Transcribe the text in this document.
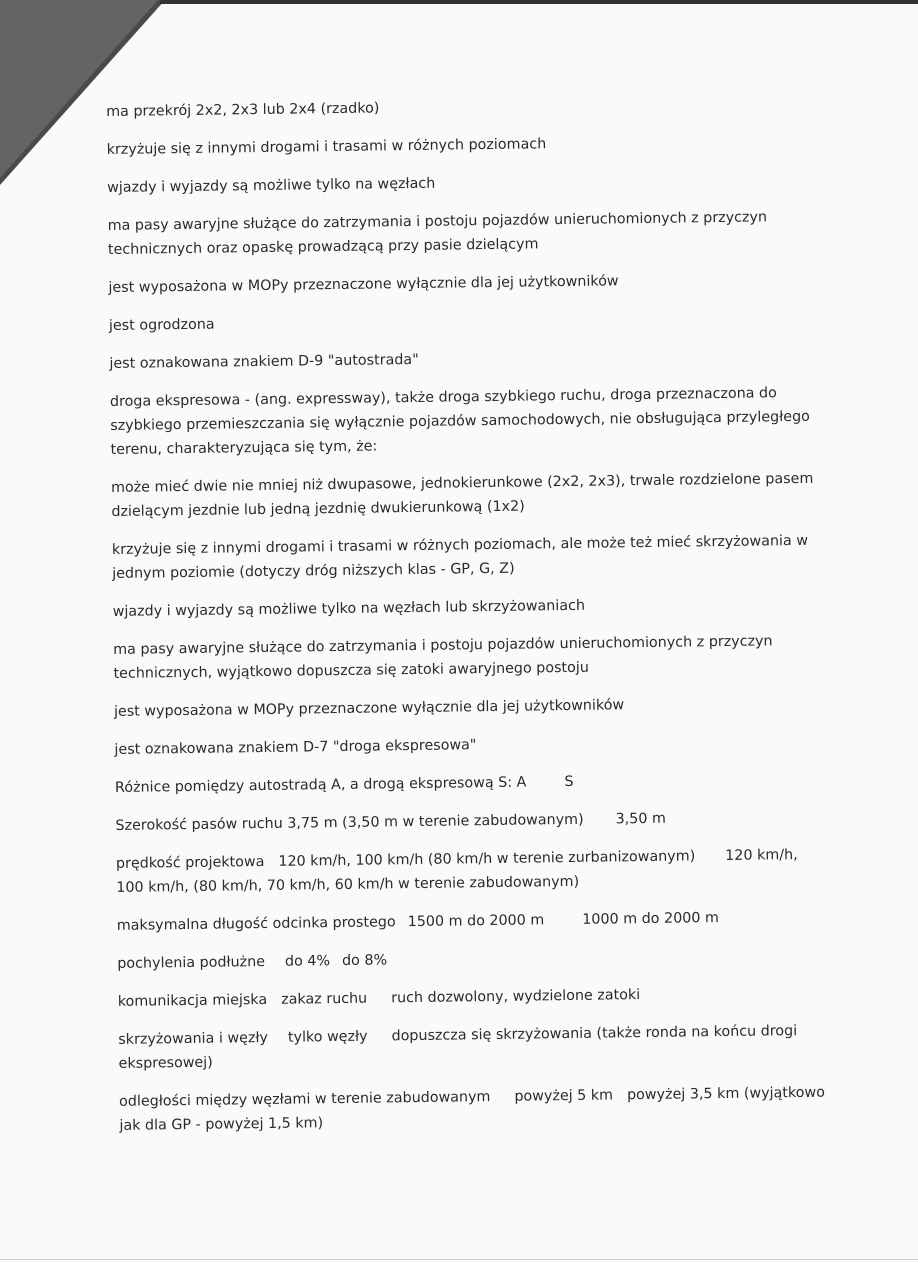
ma przekrój 2x2, 2x3 lub 2x4 (rzadko)
krzyżuje się z innymi drogami i trasami w różnych poziomach
wjazdy i wyjazdy są możliwe tylko na węzłach
ma pasy awaryjne służące do zatrzymania i postoju pojazdów unieruchomionych z przyczyn
technicznych oraz opaskę prowadzącą przy pasie dzielącym
jest wyposażona w MOPy przeznaczone wyłącznie dla jej użytkowników
jest ogrodzona
jest oznakowana znakiem D-9 "autostrada"
droga ekspresowa - (ang. expressway), także droga szybkiego ruchu, droga przeznaczona do
szybkiego przemieszczania się wyłącznie pojazdów samochodowych, nie obsługująca przyległego
terenu, charakteryzująca się tym, że:
może mieć dwie nie mniej niż dwupasowe, jednokierunkowe (2x2, 2x3), trwale rozdzielone pasem
dzielącym jezdnie lub jedną jezdnię dwukierunkową (1x2)
krzyżuje się z innymi drogami i trasami w różnych poziomach, ale może też mieć skrzyżowania w
jednym poziomie (dotyczy dróg niższych klas - GP, G, Z)
wjazdy i wyjazdy są możliwe tylko na węzłach lub skrzyżowaniach
ma pasy awaryjne służące do zatrzymania i postoju pojazdów unieruchomionych z przyczyn
technicznych, wyjątkowo dopuszcza się zatoki awaryjnego postoju
jest wyposażona w MOPy przeznaczone wyłącznie dla jej użytkowników
jest oznakowana znakiem D-7 "droga ekspresowa"
Różnice pomiędzy autostradą A, a drogą ekspresową S: A	S
Szerokość pasów ruchu 3,75 m (3,50 m w terenie zabudowanym) 3,50 m
prędkość projektowa 120 km/h, 100 km/h (80 km/h w terenie zurbanizowanym) 120 km/h,
100 km/h, (80 km/h, 70 km/h, 60 km/h w terenie zabudowanym)
maksymalna długość odcinka prostego 1500 m do 2000 m	1000 m do 2000 m
pochylenia podłużne do 4% do 8%
komunikacja miejska zakaz ruchu ruch dozwolony, wydzielone zatoki
skrzyżowania i węzły tylko węzły dopuszcza się skrzyżowania (także ronda na końcu drogi
ekspresowej)
odległości między węzłami w terenie zabudowanym powyżej 5 km powyżej 3,5 km (wyjątkowo
jak dla GP - powyżej 1,5 km)
